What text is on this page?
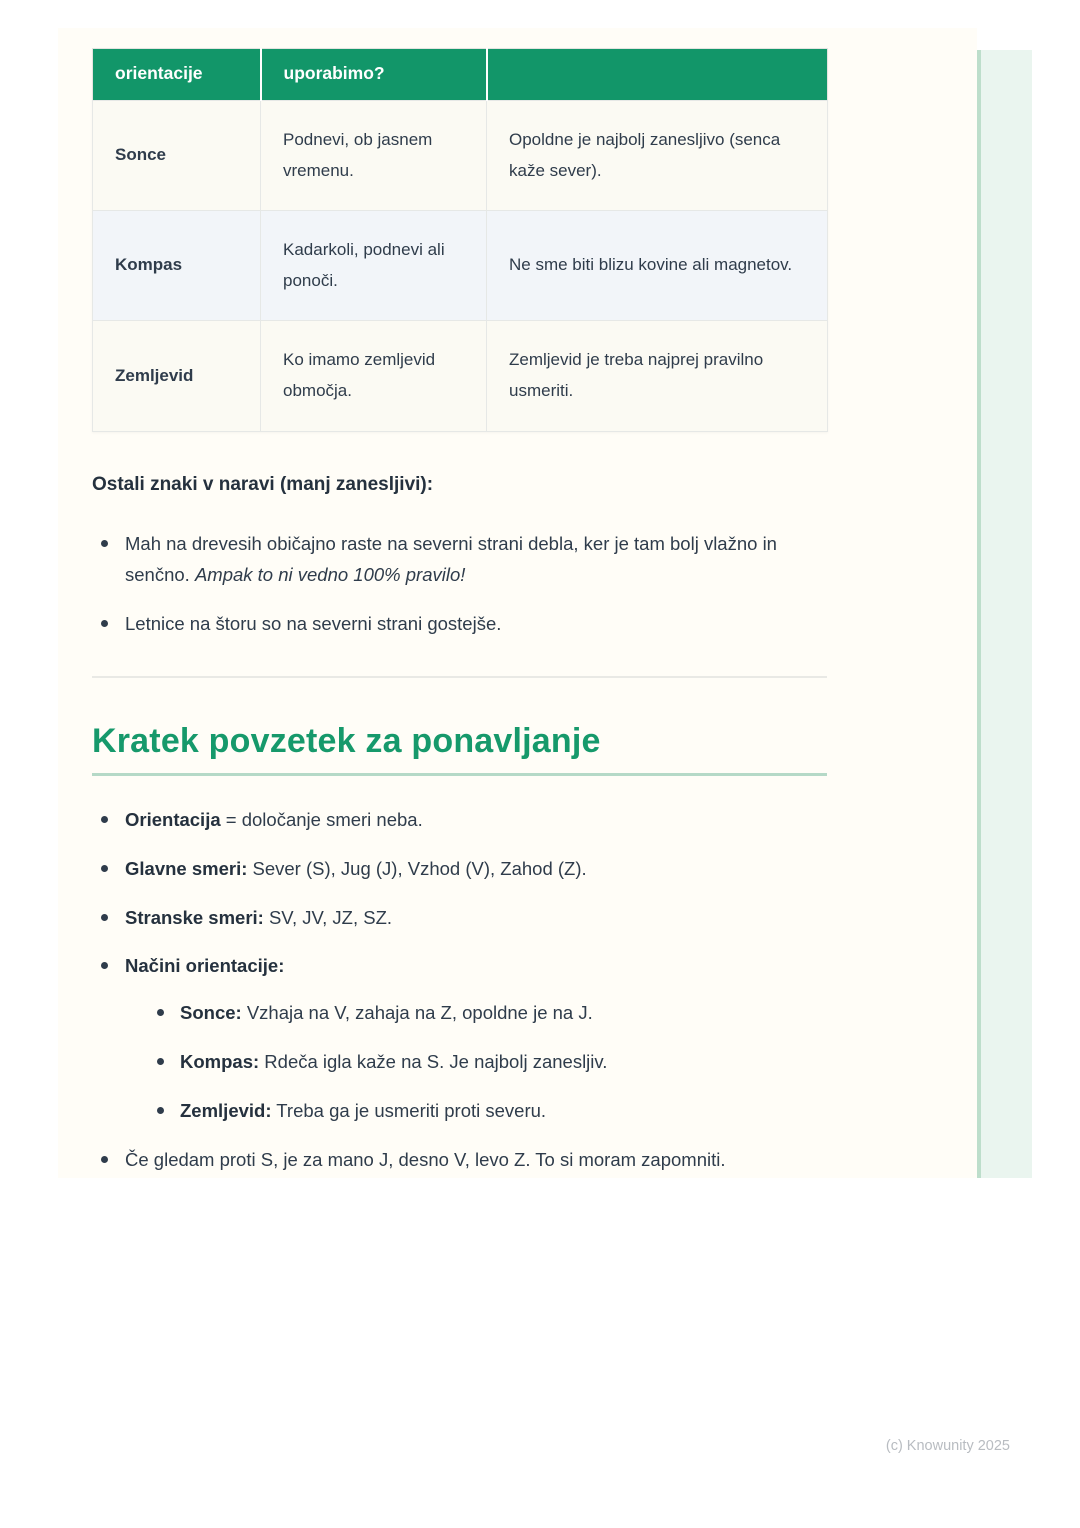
orientacije	uporabimo?	
Sonce	Podnevi, ob jasnem vremenu.	Opoldne je najbolj zanesljivo (senca kaže sever).
Kompas	Kadarkoli, podnevi ali ponoči.	Ne sme biti blizu kovine ali magnetov.
Zemljevid	Ko imamo zemljevid območja.	Zemljevid je treba najprej pravilno usmeriti.
Ostali znaki v naravi (manj zanesljivi):
Mah na drevesih običajno raste na severni strani debla, ker je tam bolj vlažno in senčno. Ampak to ni vedno 100% pravilo!
Letnice na štoru so na severni strani gostejše.
Kratek povzetek za ponavljanje
Orientacija = določanje smeri neba.
Glavne smeri: Sever (S), Jug (J), Vzhod (V), Zahod (Z).
Stranske smeri: SV, JV, JZ, SZ.
Načini orientacije:
Sonce: Vzhaja na V, zahaja na Z, opoldne je na J.
Kompas: Rdeča igla kaže na S. Je najbolj zanesljiv.
Zemljevid: Treba ga je usmeriti proti severu.
Če gledam proti S, je za mano J, desno V, levo Z. To si moram zapomniti.
(c) Knowunity 2025
